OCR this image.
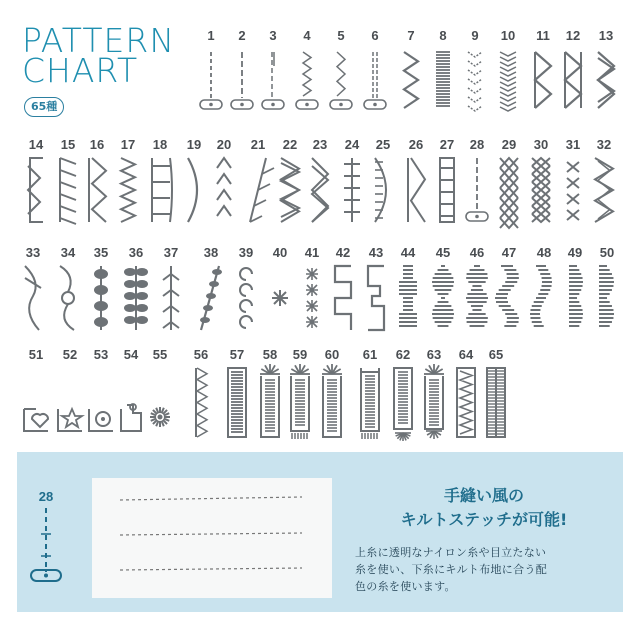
PATTERN
CHART
65種
28	手縫い風の
キルトステッチが可能!
上糸に透明なナイロン糸や目立たない
糸を使い、下糸にキルト布地に合う配
色の糸を使います。
1 2 3 4 5 6 7 8 9 10 11 12 13
14 15 16 17 18 19 20 21 22 23 24 25 26 27 28 29 30 31 32
33 34 35 36 37 38 39 40 41 42 43 44 45 46 47 48 49 50
51 52 53 54 55 56 57 58 59 60 61 62 63 64 65
